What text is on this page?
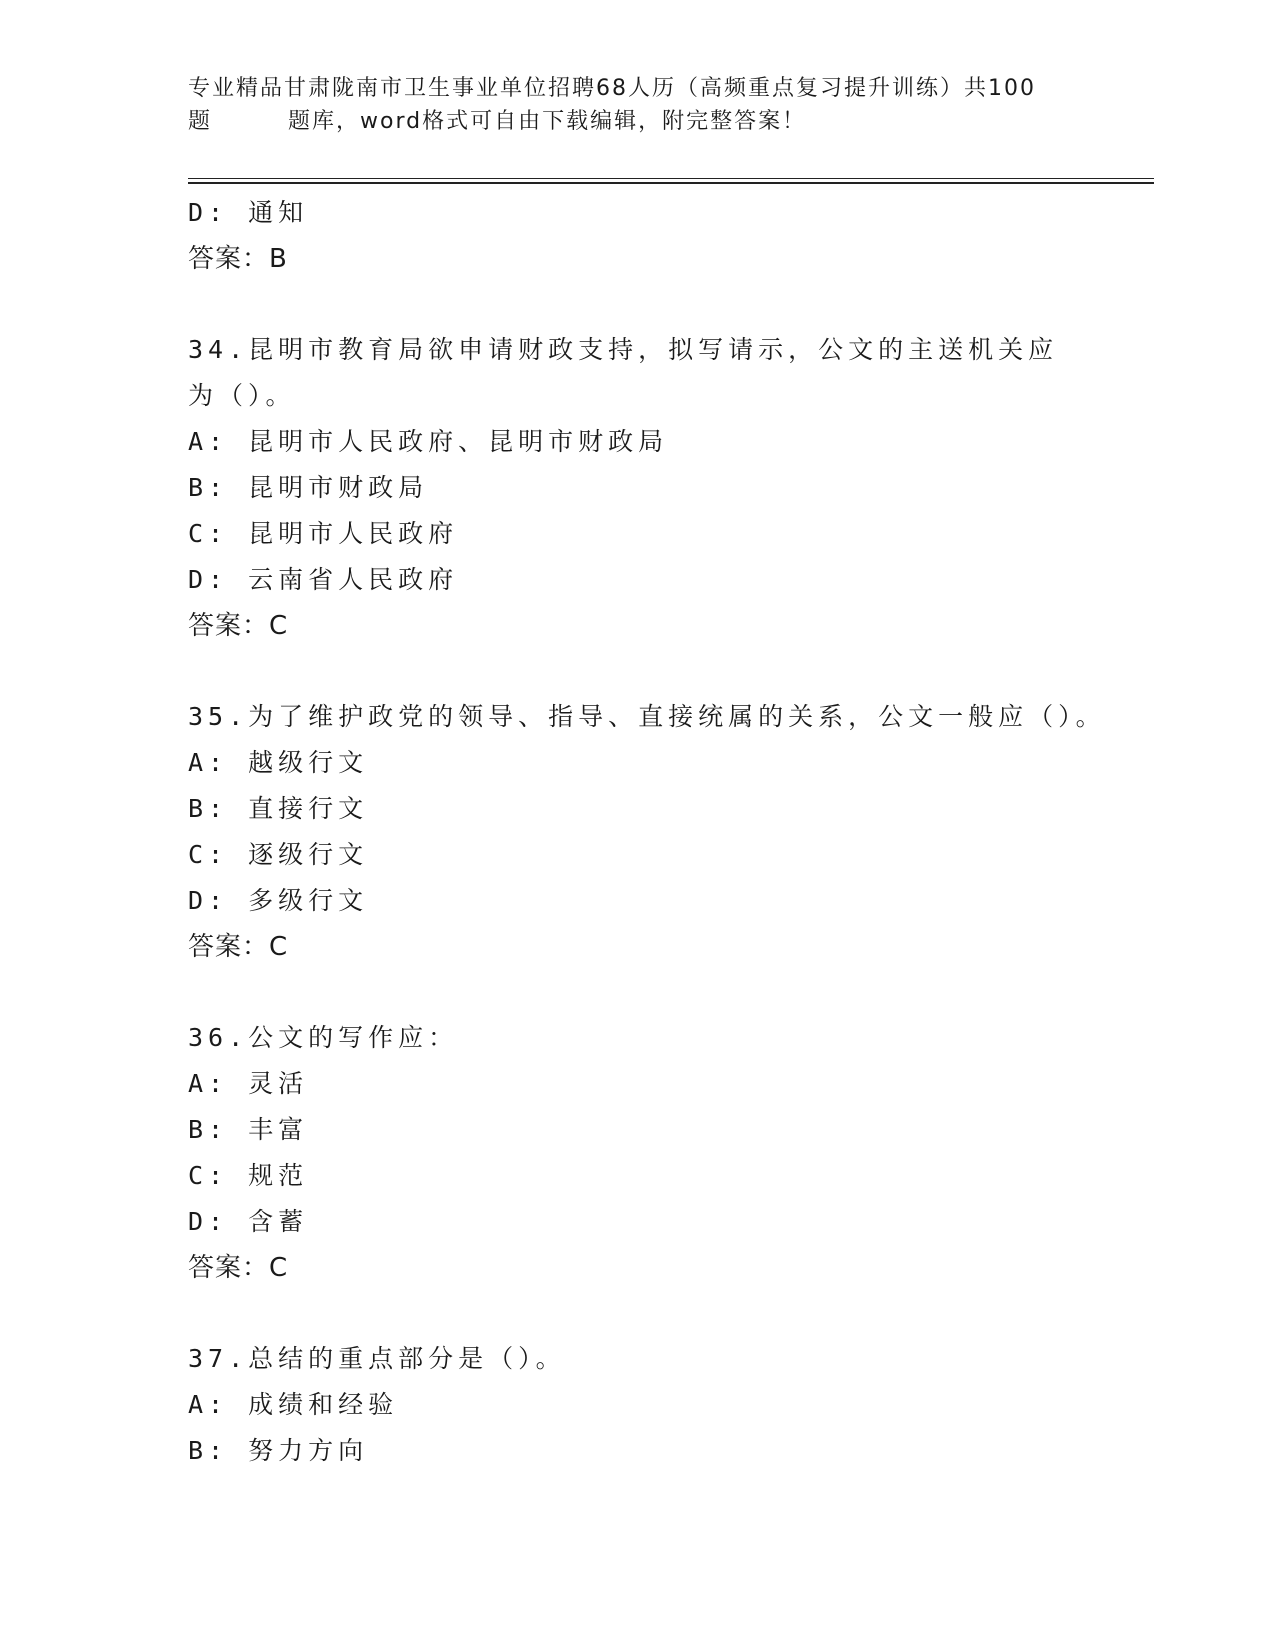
专业精品甘肃陇南市卫生事业单位招聘68人历（高频重点复习提升训练）共100
题	题库，word格式可自由下载编辑，附完整答案！
D: 通知
答案：B
34.昆明市教育局欲申请财政支持，拟写请示，公文的主送机关应为（）。
A: 昆明市人民政府、昆明市财政局
B: 昆明市财政局
C: 昆明市人民政府
D: 云南省人民政府
答案：C
35.为了维护政党的领导、指导、直接统属的关系，公文一般应（）。
A: 越级行文
B: 直接行文
C: 逐级行文
D: 多级行文
答案：C
36.公文的写作应：
A: 灵活
B: 丰富
C: 规范
D: 含蓄
答案：C
37.总结的重点部分是（）。
A: 成绩和经验
B: 努力方向
